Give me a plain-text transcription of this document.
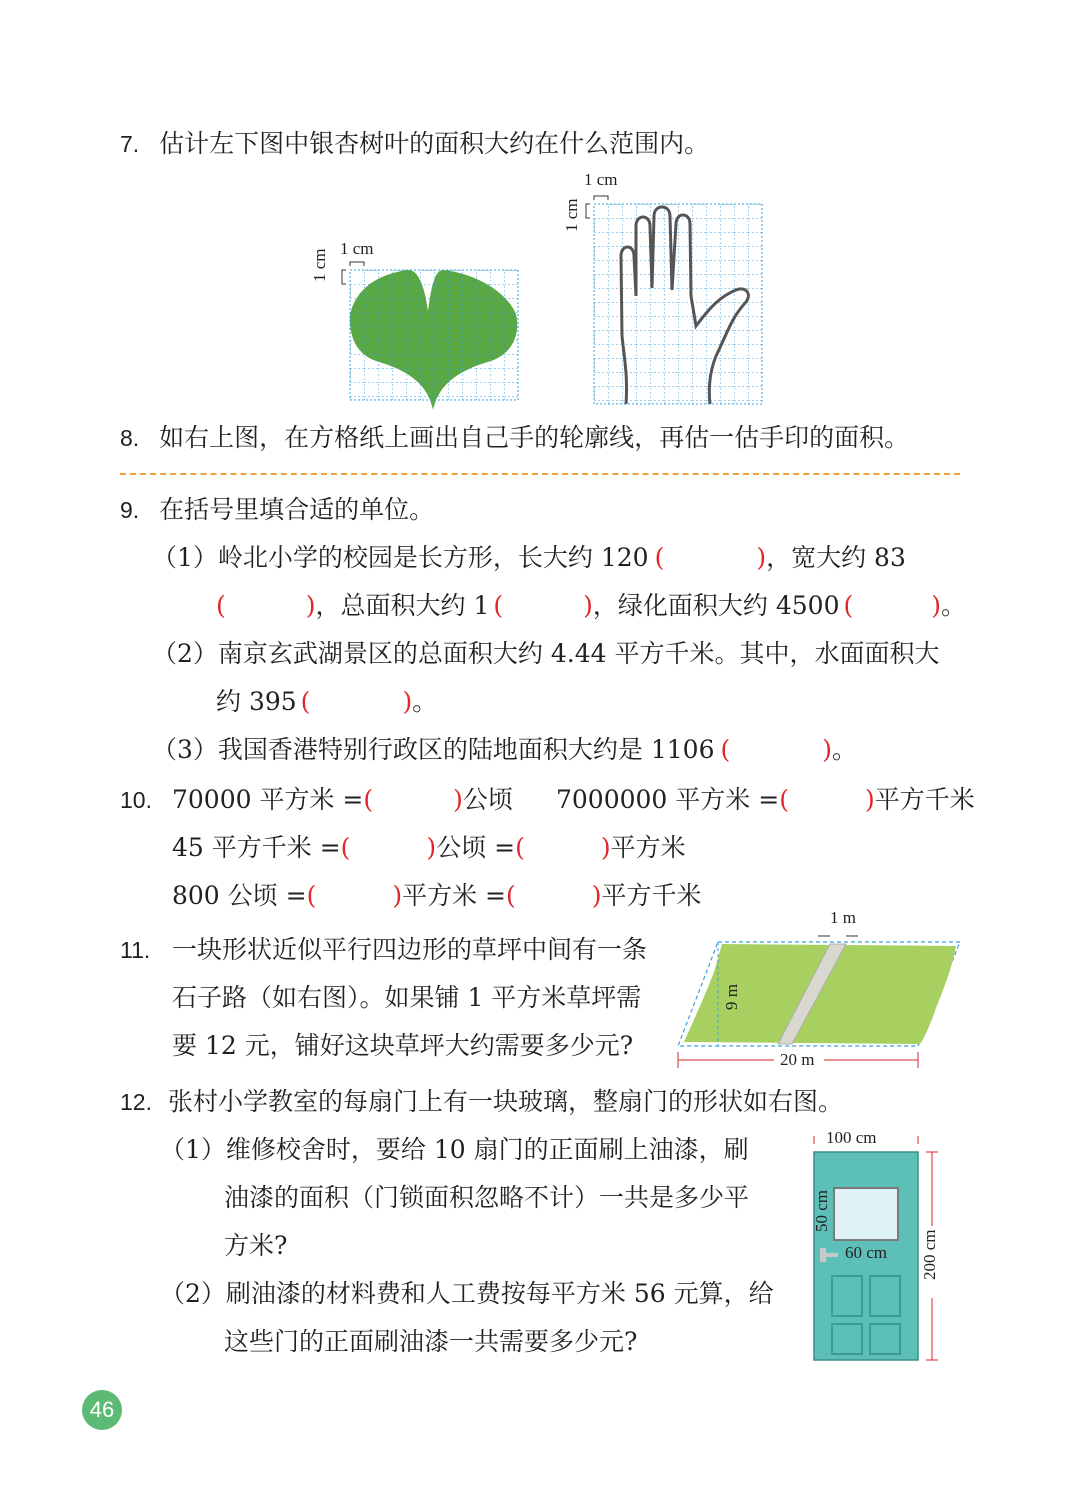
7. 估计左下图中银杏树叶的面积大约在什么范围内。
1 cm
1 cm
1 cm
1 cm
8. 如右上图，在方格纸上画出自己手的轮廓线，再估一估手印的面积。
9. 在括号里填合适的单位。
（1）岭北小学的校园是长方形，长大约 120 (	)，宽大约 83
(	)，总面积大约 1 (	)，绿化面积大约 4500 (	)。
（2）南京玄武湖景区的总面积大约 4.44 平方千米。其中，水面面积大
约 395 (	)。
（3）我国香港特别行政区的陆地面积大约是 1106 (	)。
10. 70000 平方米 =(	)公顷 7000000 平方米 =(	)平方千米
45 平方千米 =(	)公顷 =(	)平方米
800 公顷 =(	)平方米 =(	)平方千米
11. 一块形状近似平行四边形的草坪中间有一条
石子路（如右图）。如果铺 1 平方米草坪需
要 12 元，铺好这块草坪大约需要多少元?
1 m
9 m
20 m
12. 张村小学教室的每扇门上有一块玻璃，整扇门的形状如右图。
（1）维修校舍时，要给 10 扇门的正面刷上油漆，刷
油漆的面积（门锁面积忽略不计）一共是多少平
方米?
（2）刷油漆的材料费和人工费按每平方米 56 元算，给
这些门的正面刷油漆一共需要多少元?
100 cm
200 cm
50 cm
60 cm
46
